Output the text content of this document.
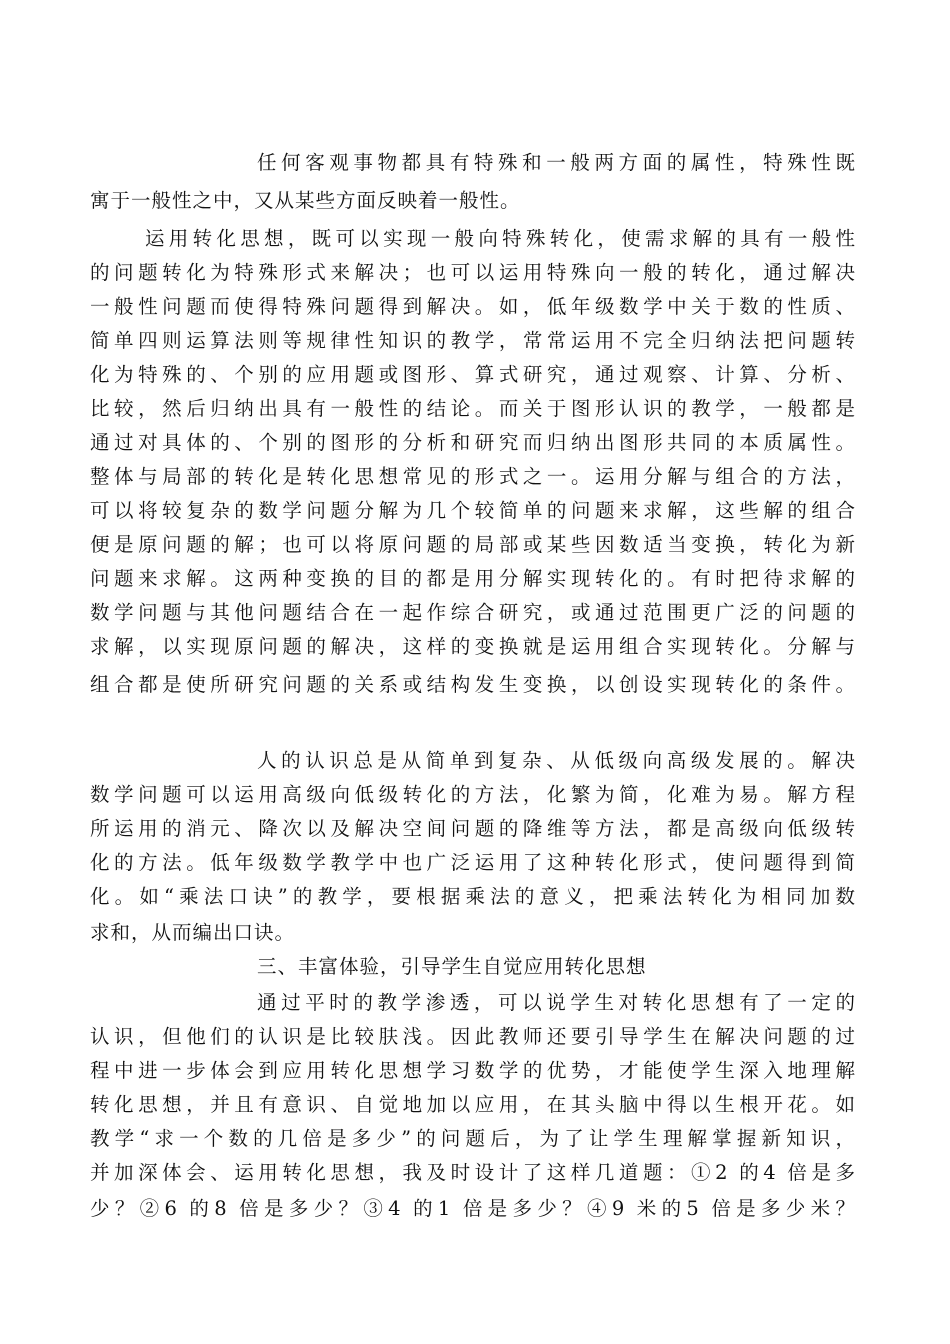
任何客观事物都具有特殊和一般两方面的属性，特殊性既
寓于一般性之中，又从某些方面反映着一般性。
运用转化思想，既可以实现一般向特殊转化，使需求解的具有一般性
的问题转化为特殊形式来解决；也可以运用特殊向一般的转化，通过解决
一般性问题而使得特殊问题得到解决。如，低年级数学中关于数的性质、
简单四则运算法则等规律性知识的教学，常常运用不完全归纳法把问题转
化为特殊的、个别的应用题或图形、算式研究，通过观察、计算、分析、
比较，然后归纳出具有一般性的结论。而关于图形认识的教学，一般都是
通过对具体的、个别的图形的分析和研究而归纳出图形共同的本质属性。
整体与局部的转化是转化思想常见的形式之一。运用分解与组合的方法，
可以将较复杂的数学问题分解为几个较简单的问题来求解，这些解的组合
便是原问题的解；也可以将原问题的局部或某些因数适当变换，转化为新
问题来求解。这两种变换的目的都是用分解实现转化的。有时把待求解的
数学问题与其他问题结合在一起作综合研究，或通过范围更广泛的问题的
求解，以实现原问题的解决，这样的变换就是运用组合实现转化。分解与
组合都是使所研究问题的关系或结构发生变换，以创设实现转化的条件。
人的认识总是从简单到复杂、从低级向高级发展的。解决
数学问题可以运用高级向低级转化的方法，化繁为简，化难为易。解方程
所运用的消元、降次以及解决空间问题的降维等方法，都是高级向低级转
化的方法。低年级数学教学中也广泛运用了这种转化形式，使问题得到简
化。如“乘法口诀”的教学，要根据乘法的意义，把乘法转化为相同加数
求和，从而编出口诀。
三、丰富体验，引导学生自觉应用转化思想
通过平时的教学渗透，可以说学生对转化思想有了一定的
认识，但他们的认识是比较肤浅。因此教师还要引导学生在解决问题的过
程中进一步体会到应用转化思想学习数学的优势，才能使学生深入地理解
转化思想，并且有意识、自觉地加以应用，在其头脑中得以生根开花。如
教学“求一个数的几倍是多少”的问题后，为了让学生理解掌握新知识，
并加深体会、运用转化思想，我及时设计了这样几道题：①2 的4 倍是多
少？②6 的8 倍是多少？③4 的1 倍是多少？④9 米的5 倍是多少米？
